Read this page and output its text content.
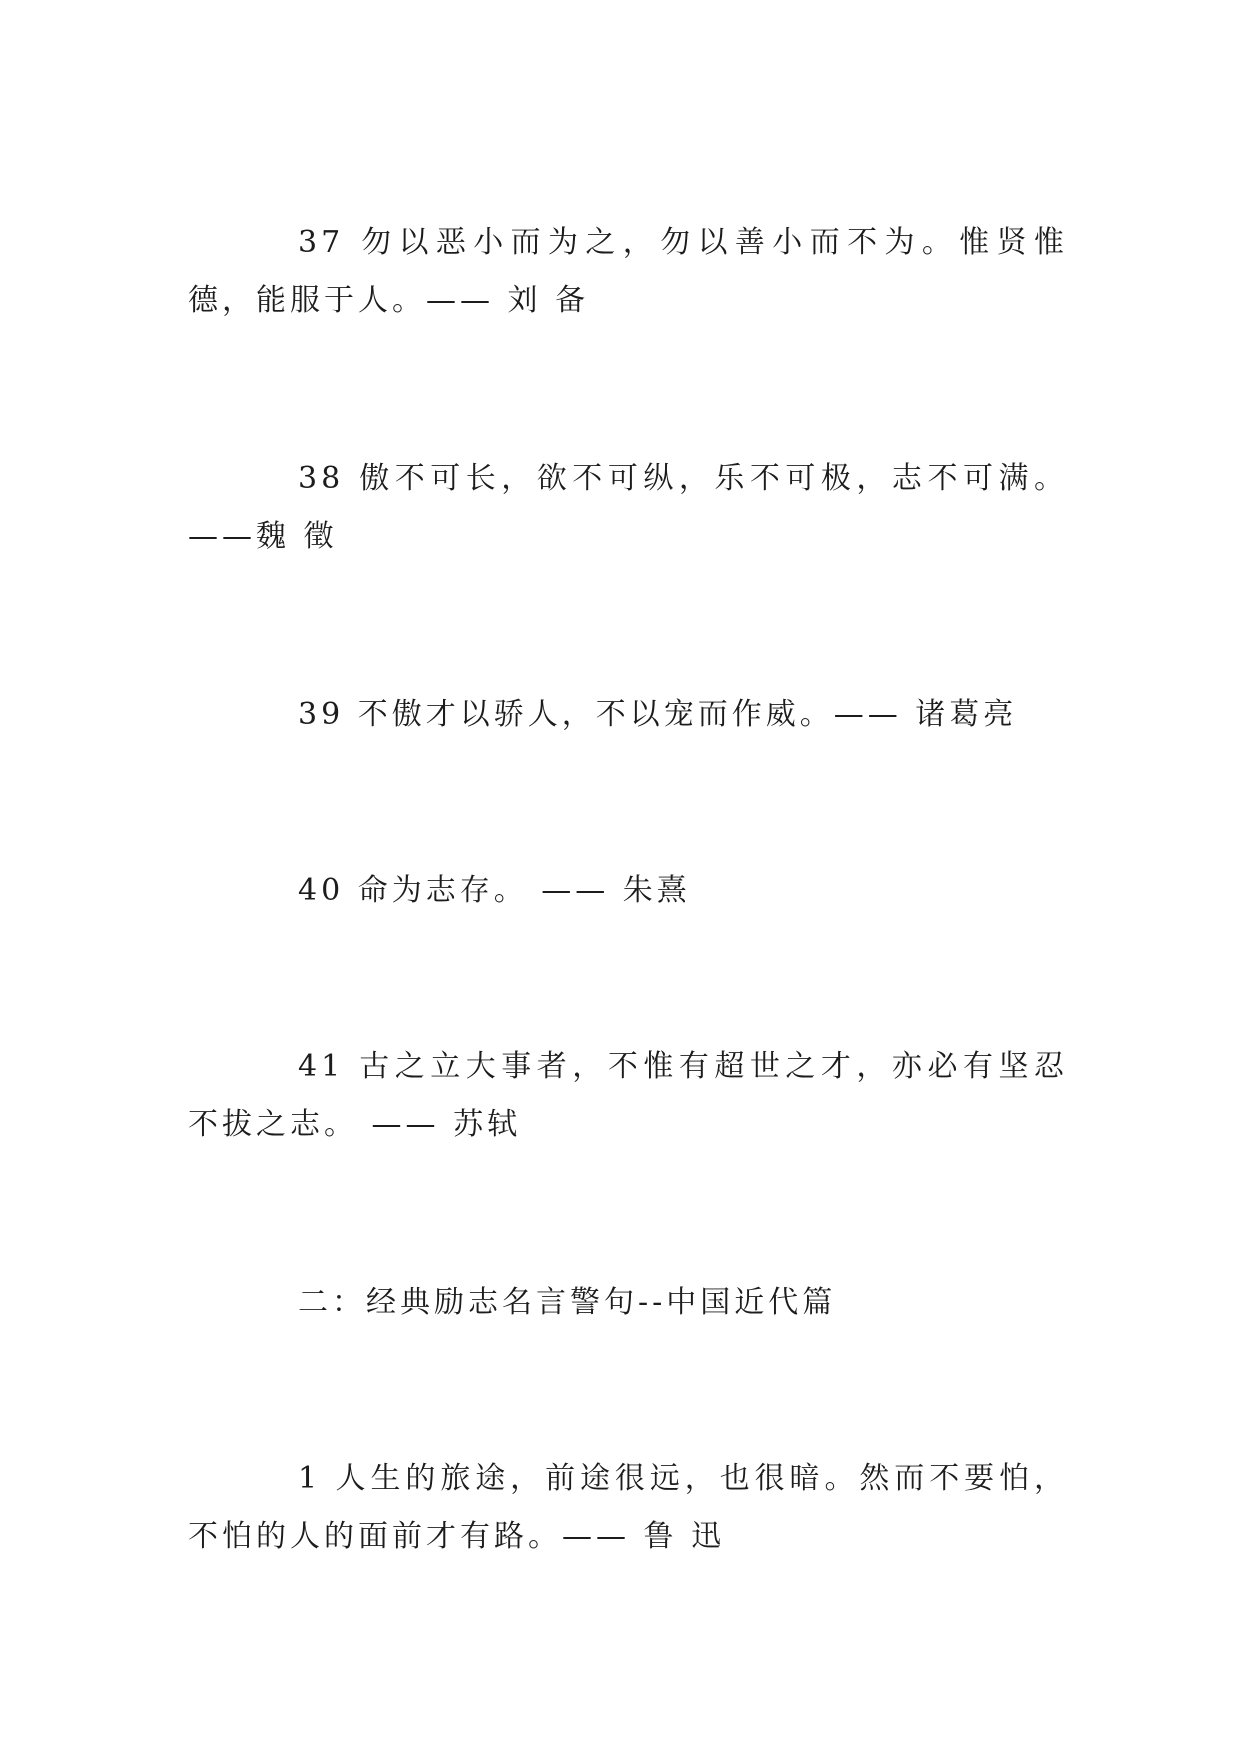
37 勿以恶小而为之，勿以善小而不为。惟贤惟德，能服于人。—— 刘 备

38 傲不可长，欲不可纵，乐不可极，志不可满。——魏 徵

39 不傲才以骄人，不以宠而作威。—— 诸葛亮

40 命为志存。 —— 朱熹

41 古之立大事者，不惟有超世之才，亦必有坚忍不拔之志。 —— 苏轼

二：经典励志名言警句--中国近代篇

1 人生的旅途，前途很远，也很暗。然而不要怕，不怕的人的面前才有路。—— 鲁 迅
